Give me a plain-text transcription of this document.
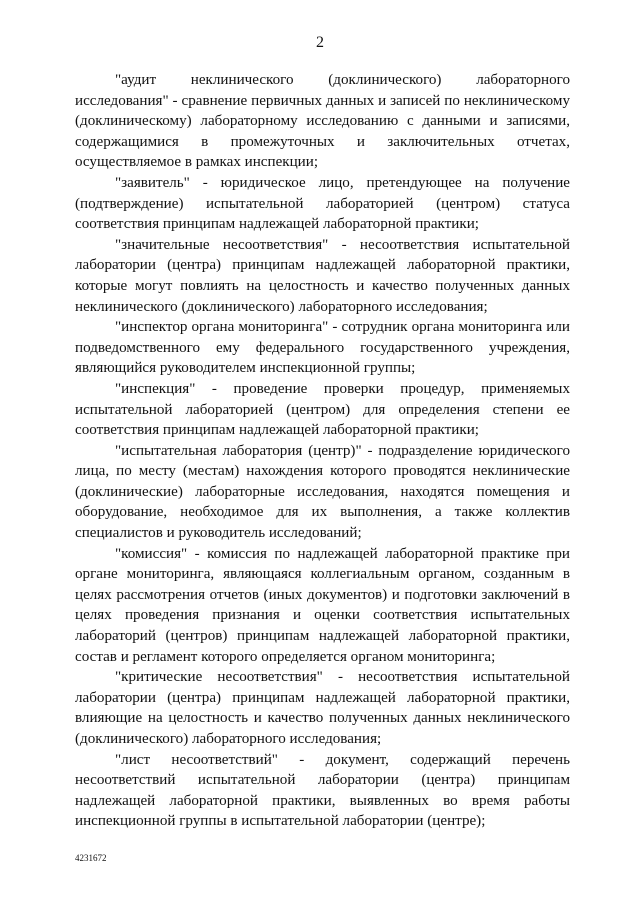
2

"аудит неклинического (доклинического) лабораторного исследования" - сравнение первичных данных и записей по неклиническому (доклиническому) лабораторному исследованию с данными и записями, содержащимися в промежуточных и заключительных отчетах, осуществляемое в рамках инспекции;

"заявитель" - юридическое лицо, претендующее на получение (подтверждение) испытательной лабораторией (центром) статуса соответствия принципам надлежащей лабораторной практики;

"значительные несоответствия" - несоответствия испытательной лаборатории (центра) принципам надлежащей лабораторной практики, которые могут повлиять на целостность и качество полученных данных неклинического (доклинического) лабораторного исследования;

"инспектор органа мониторинга" - сотрудник органа мониторинга или подведомственного ему федерального государственного учреждения, являющийся руководителем инспекционной группы;

"инспекция" - проведение проверки процедур, применяемых испытательной лабораторией (центром) для определения степени ее соответствия принципам надлежащей лабораторной практики;

"испытательная лаборатория (центр)" - подразделение юридического лица, по месту (местам) нахождения которого проводятся неклинические (доклинические) лабораторные исследования, находятся помещения и оборудование, необходимое для их выполнения, а также коллектив специалистов и руководитель исследований;

"комиссия" - комиссия по надлежащей лабораторной практике при органе мониторинга, являющаяся коллегиальным органом, созданным в целях рассмотрения отчетов (иных документов) и подготовки заключений в целях проведения признания и оценки соответствия испытательных лабораторий (центров) принципам надлежащей лабораторной практики, состав и регламент которого определяется органом мониторинга;

"критические несоответствия" - несоответствия испытательной лаборатории (центра) принципам надлежащей лабораторной практики, влияющие на целостность и качество полученных данных неклинического (доклинического) лабораторного исследования;

"лист несоответствий" - документ, содержащий перечень несоответствий испытательной лаборатории (центра) принципам надлежащей лабораторной практики, выявленных во время работы инспекционной группы в испытательной лаборатории (центре);

4231672
